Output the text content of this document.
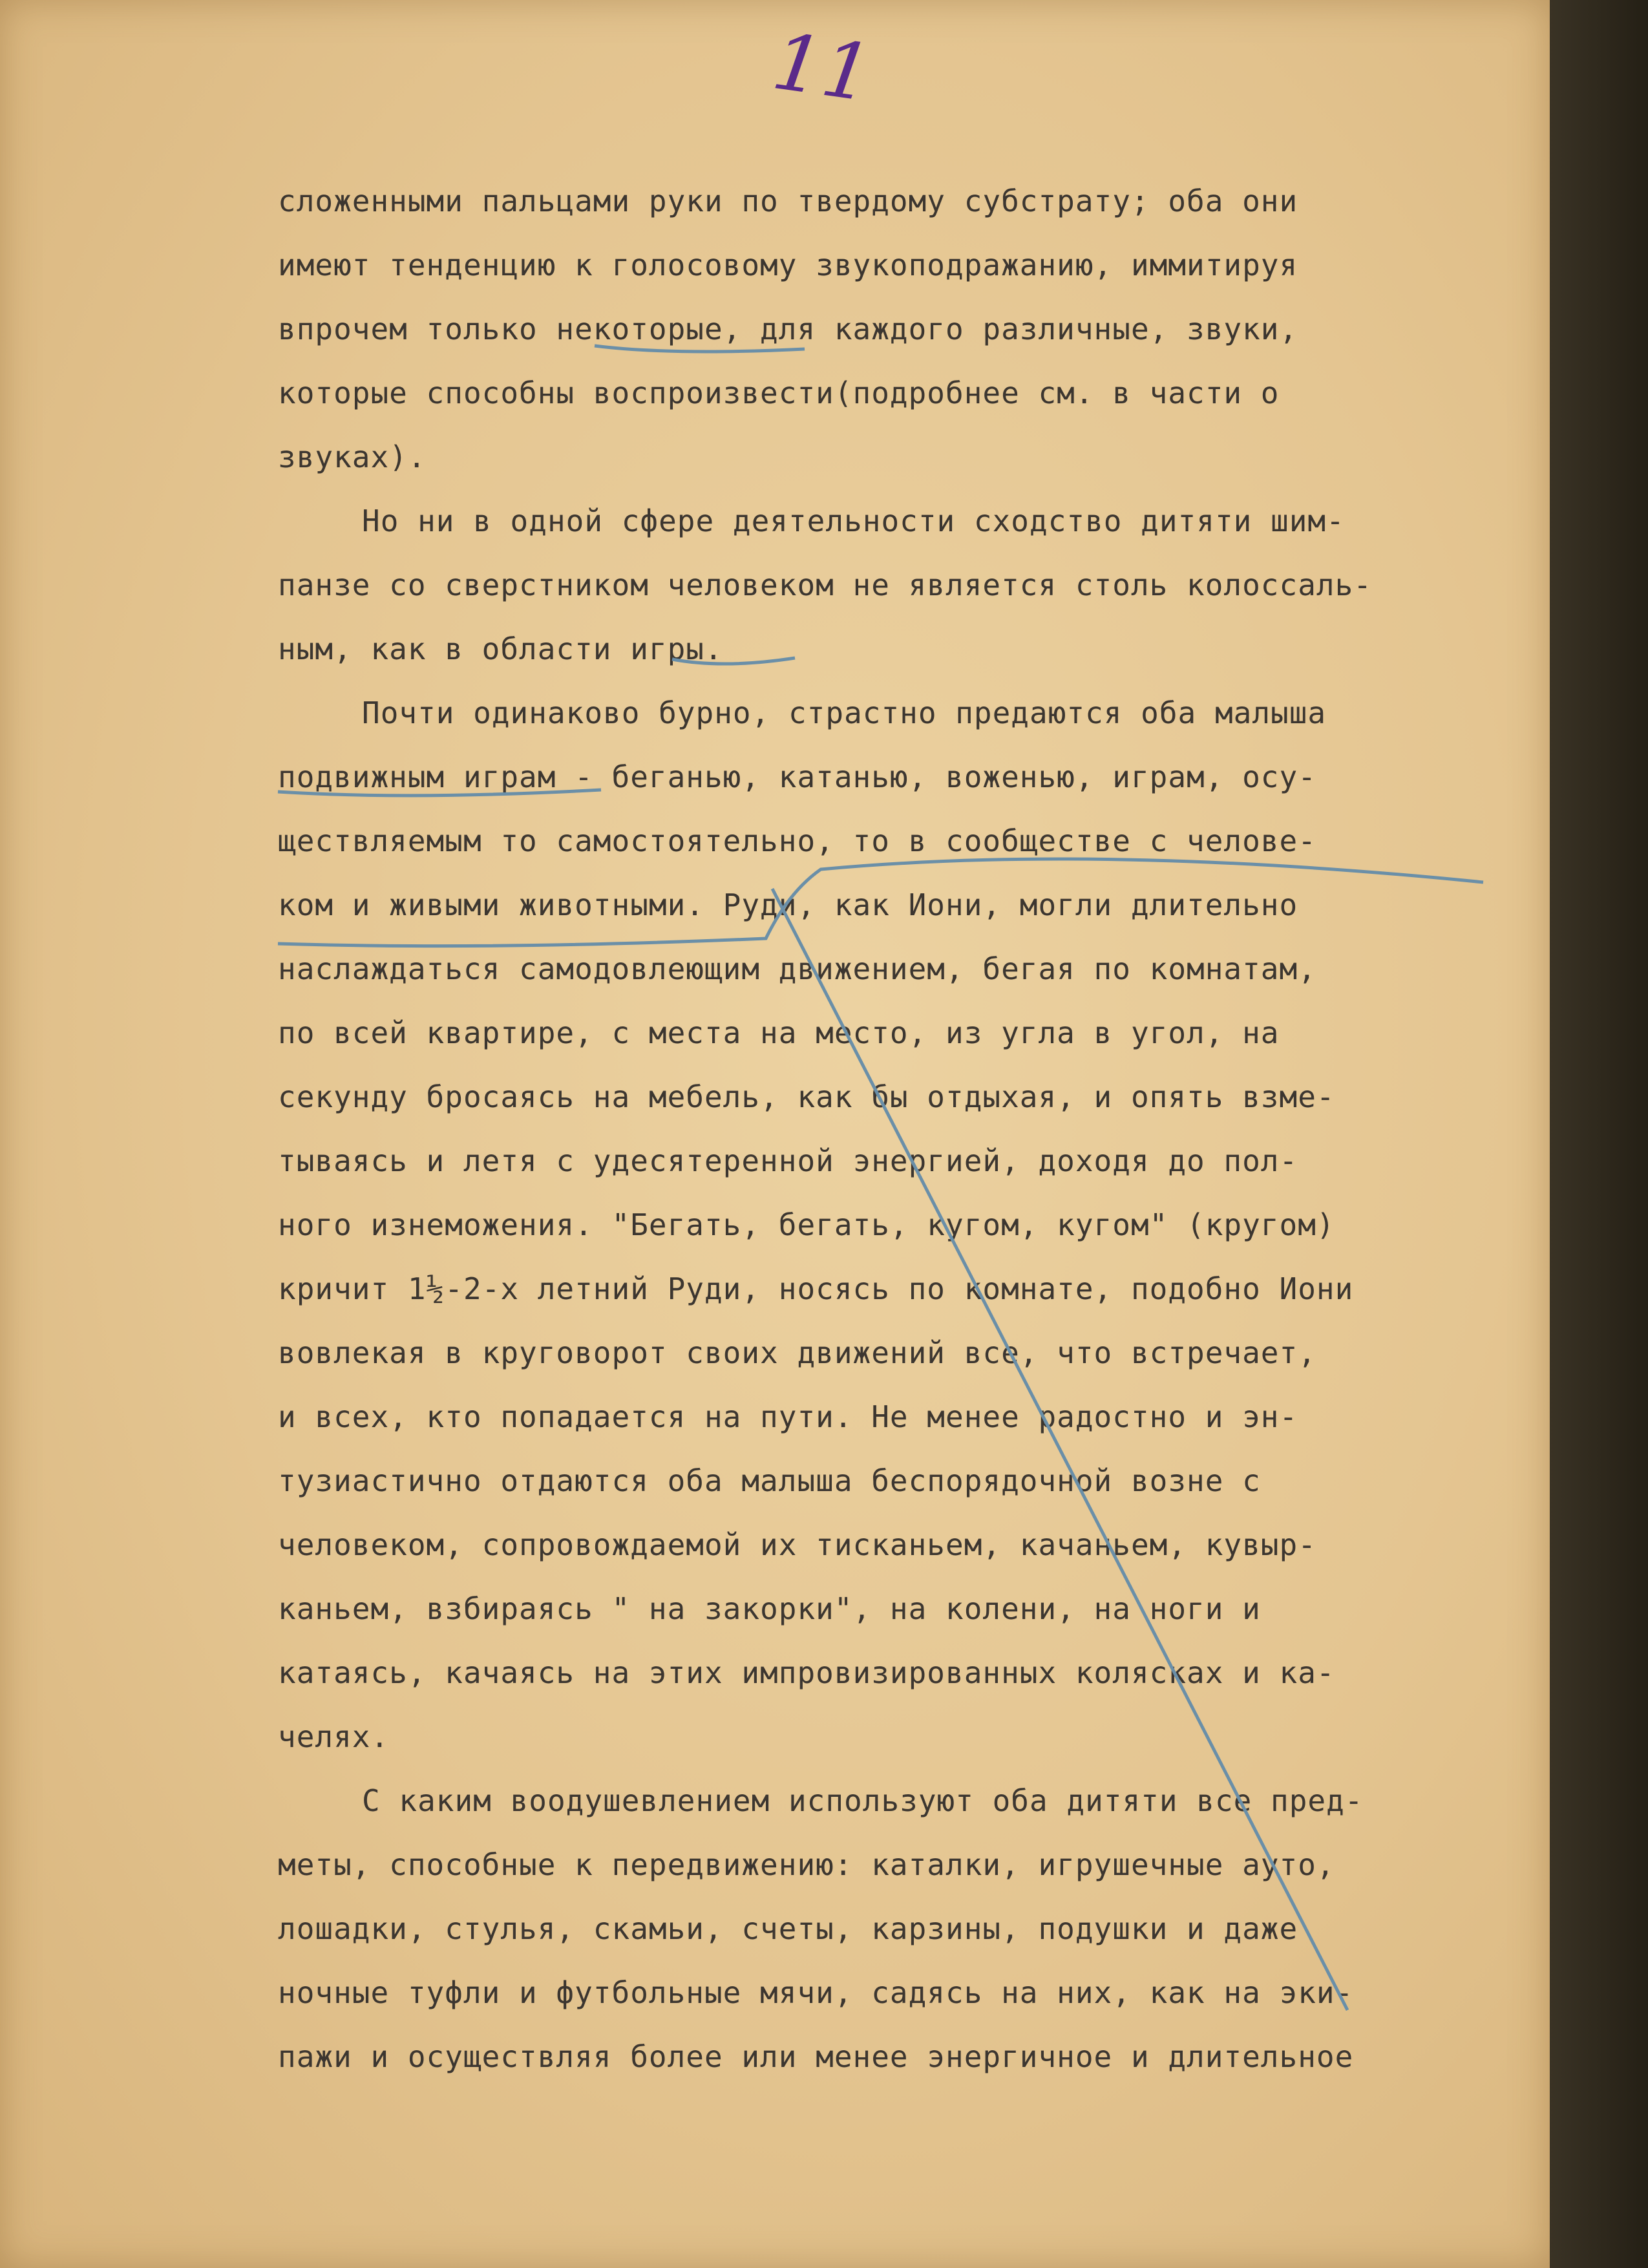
11
сложенными пальцами руки по твердому субстрату; оба они
имеют тенденцию к голосовому звукоподражанию, иммитируя
впрочем только некоторые, для каждого различные, звуки,
которые способны воспроизвести(подробнее см. в части о
звуках).
Но ни в одной сфере деятельности сходство дитяти шим-
панзе со сверстником человеком не является столь колоссаль-
ным, как в области игры.
Почти одинаково бурно, страстно предаются оба малыша
подвижным играм - беганью, катанью, воженью, играм, осу-
ществляемым то самостоятельно, то в сообществе с челове-
ком и живыми животными. Руди, как Иони, могли длительно
наслаждаться самодовлеющим движением, бегая по комнатам,
по всей квартире, с места на место, из угла в угол, на
секунду бросаясь на мебель, как бы отдыхая, и опять взме-
тываясь и летя с удесятеренной энергией, доходя до пол-
ного изнеможения. "Бегать, бегать, кугом, кугом" (кругом)
кричит 1½-2-х летний Руди, носясь по комнате, подобно Иони
вовлекая в круговорот своих движений все, что встречает,
и всех, кто попадается на пути. Не менее радостно и эн-
тузиастично отдаются оба малыша беспорядочной возне с
человеком, сопровождаемой их тисканьем, качаньем, кувыр-
каньем, взбираясь " на закорки", на колени, на ноги и
катаясь, качаясь на этих импровизированных колясках и ка-
челях.
С каким воодушевлением используют оба дитяти все пред-
меты, способные к передвижению: каталки, игрушечные ауто,
лошадки, стулья, скамьи, счеты, карзины, подушки и даже
ночные туфли и футбольные мячи, садясь на них, как на эки-
пажи и осуществляя более или менее энергичное и длительное
